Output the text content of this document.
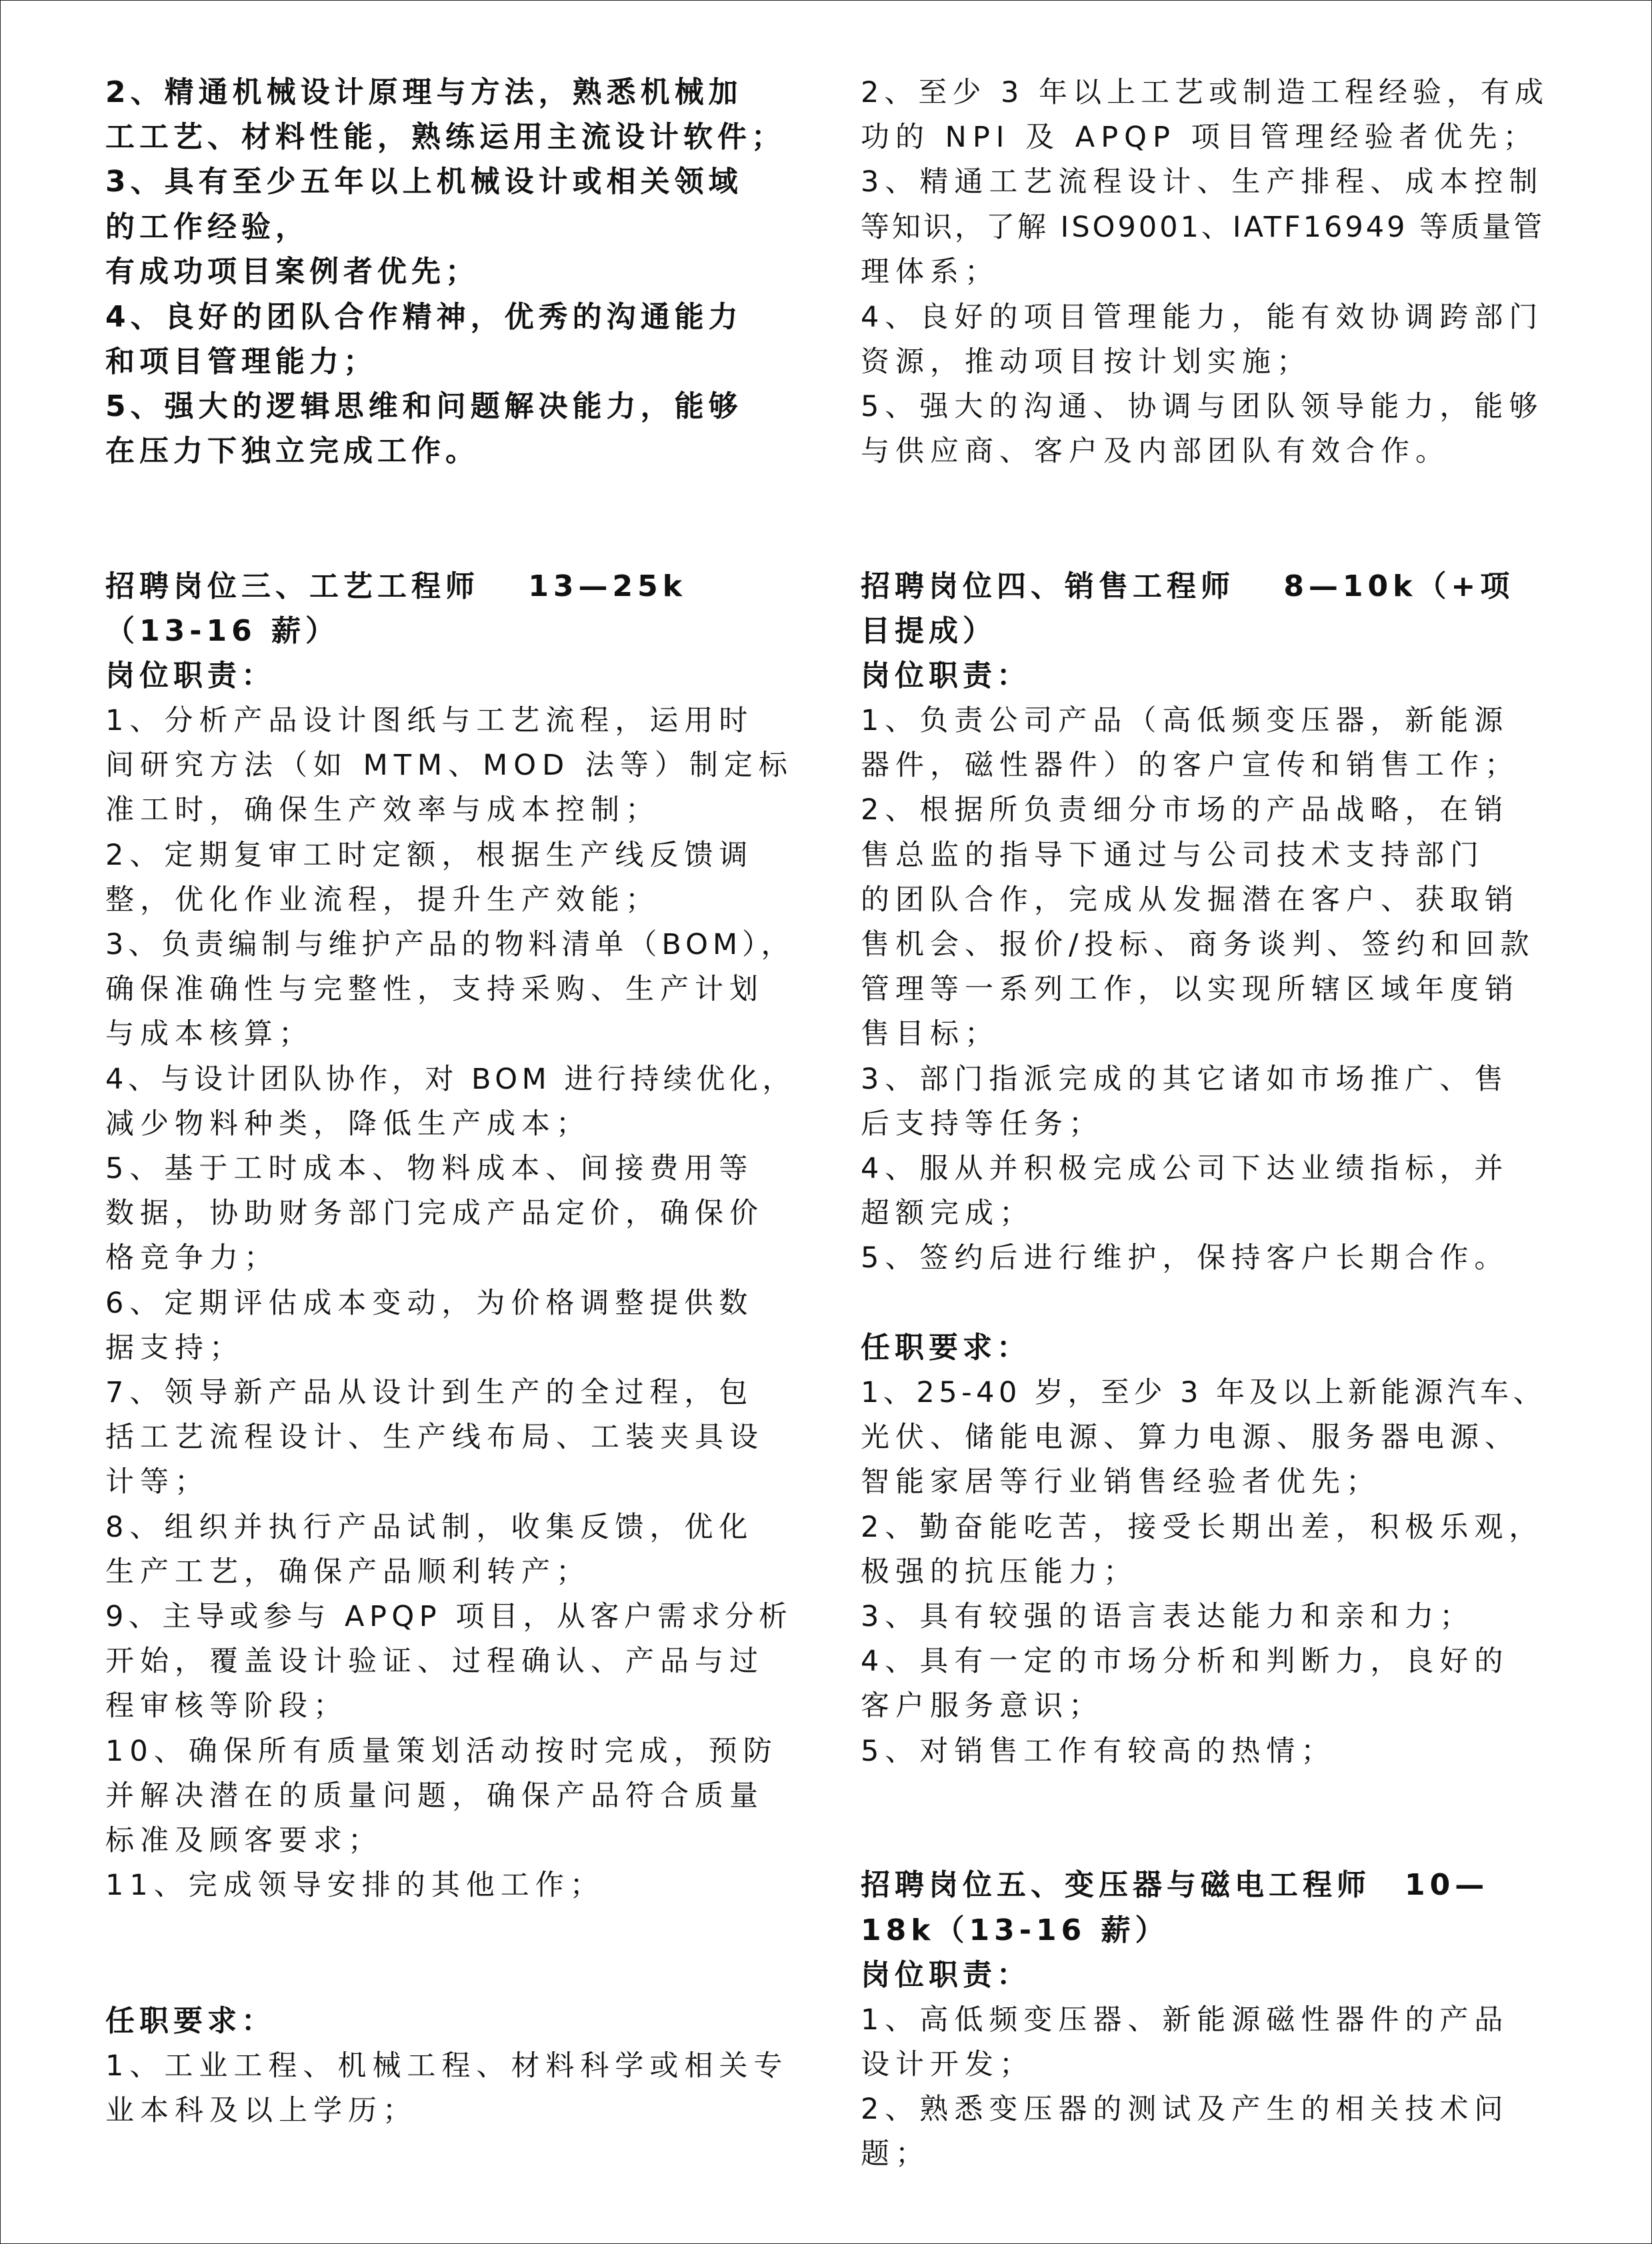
2、精通机械设计原理与方法，熟悉机械加
工工艺、材料性能，熟练运用主流设计软件；
3、具有至少五年以上机械设计或相关领域
的工作经验，
有成功项目案例者优先；
4、良好的团队合作精神，优秀的沟通能力
和项目管理能力；
5、强大的逻辑思维和问题解决能力，能够
在压力下独立完成工作。
招聘岗位三、工艺工程师　 13—25k
（13-16 薪）
岗位职责：
1、分析产品设计图纸与工艺流程，运用时
间研究方法（如 MTM、MOD 法等）制定标
准工时，确保生产效率与成本控制；
2、定期复审工时定额，根据生产线反馈调
整，优化作业流程，提升生产效能；
3、负责编制与维护产品的物料清单（BOM），
确保准确性与完整性，支持采购、生产计划
与成本核算；
4、与设计团队协作，对 BOM 进行持续优化，
减少物料种类，降低生产成本；
5、基于工时成本、物料成本、间接费用等
数据，协助财务部门完成产品定价，确保价
格竞争力；
6、定期评估成本变动，为价格调整提供数
据支持；
7、领导新产品从设计到生产的全过程，包
括工艺流程设计、生产线布局、工装夹具设
计等；
8、组织并执行产品试制，收集反馈，优化
生产工艺，确保产品顺利转产；
9、主导或参与 APQP 项目，从客户需求分析
开始，覆盖设计验证、过程确认、产品与过
程审核等阶段；
10、确保所有质量策划活动按时完成，预防
并解决潜在的质量问题，确保产品符合质量
标准及顾客要求；
11、完成领导安排的其他工作；
任职要求：
1、工业工程、机械工程、材料科学或相关专
业本科及以上学历；
2、至少 3 年以上工艺或制造工程经验，有成
功的 NPI 及 APQP 项目管理经验者优先；
3、精通工艺流程设计、生产排程、成本控制
等知识，了解 ISO9001、IATF16949 等质量管
理体系；
4、良好的项目管理能力，能有效协调跨部门
资源，推动项目按计划实施；
5、强大的沟通、协调与团队领导能力，能够
与供应商、客户及内部团队有效合作。
招聘岗位四、销售工程师　 8—10k（+项
目提成）
岗位职责：
1、负责公司产品（高低频变压器，新能源
器件，磁性器件）的客户宣传和销售工作；
2、根据所负责细分市场的产品战略，在销
售总监的指导下通过与公司技术支持部门
的团队合作，完成从发掘潜在客户、获取销
售机会、报价/投标、商务谈判、签约和回款
管理等一系列工作，以实现所辖区域年度销
售目标；
3、部门指派完成的其它诸如市场推广、售
后支持等任务；
4、服从并积极完成公司下达业绩指标，并
超额完成；
5、签约后进行维护，保持客户长期合作。
任职要求：
1、25-40 岁，至少 3 年及以上新能源汽车、
光伏、储能电源、算力电源、服务器电源、
智能家居等行业销售经验者优先；
2、勤奋能吃苦，接受长期出差，积极乐观，
极强的抗压能力；
3、具有较强的语言表达能力和亲和力；
4、具有一定的市场分析和判断力，良好的
客户服务意识；
5、对销售工作有较高的热情；
招聘岗位五、变压器与磁电工程师　10—
18k（13-16 薪）
岗位职责：
1、高低频变压器、新能源磁性器件的产品
设计开发；
2、熟悉变压器的测试及产生的相关技术问
题；
